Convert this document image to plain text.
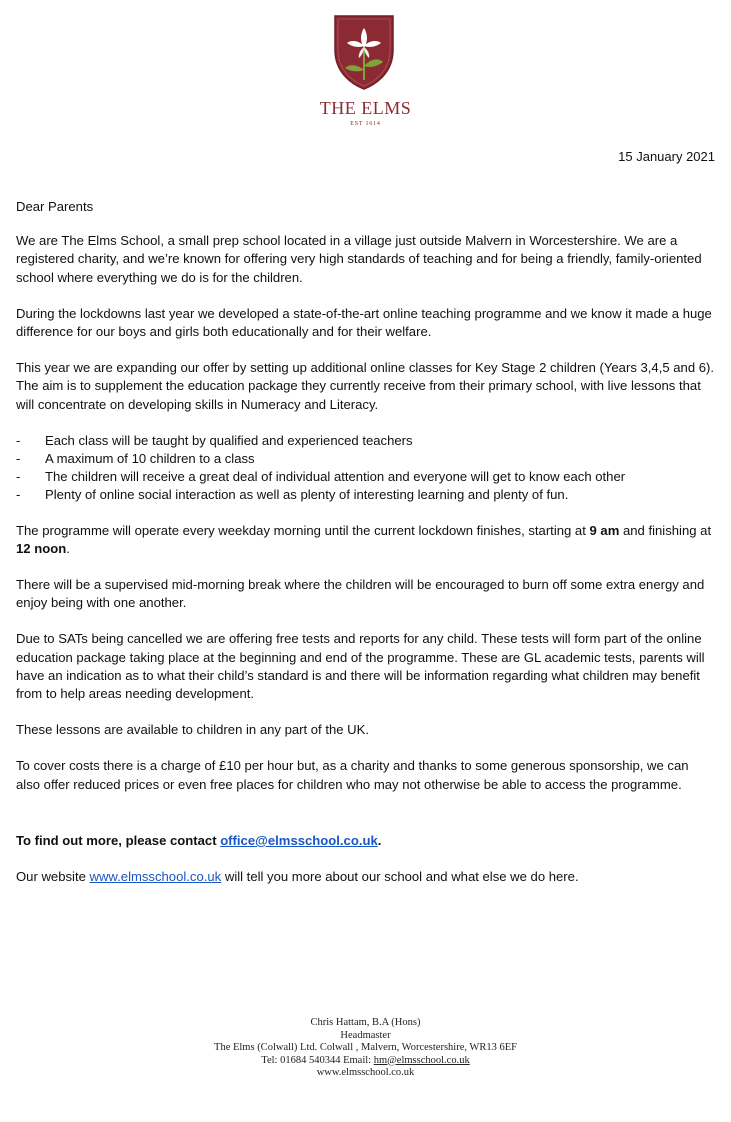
THE ELMS
EST 1614
15 January 2021

Dear Parents

We are The Elms School, a small prep school located in a village just outside Malvern in Worcestershire. We are a registered charity, and we’re known for offering very high standards of teaching and for being a friendly, family-oriented school where everything we do is for the children.

During the lockdowns last year we developed a state-of-the-art online teaching programme and we know it made a huge difference for our boys and girls both educationally and for their welfare.

This year we are expanding our offer by setting up additional online classes for Key Stage 2 children (Years 3,4,5 and 6). The aim is to supplement the education package they currently receive from their primary school, with live lessons that will concentrate on developing skills in Numeracy and Literacy.

- Each class will be taught by qualified and experienced teachers
- A maximum of 10 children to a class
- The children will receive a great deal of individual attention and everyone will get to know each other
- Plenty of online social interaction as well as plenty of interesting learning and plenty of fun.

The programme will operate every weekday morning until the current lockdown finishes, starting at 9 am and finishing at 12 noon.

There will be a supervised mid-morning break where the children will be encouraged to burn off some extra energy and enjoy being with one another.

Due to SATs being cancelled we are offering free tests and reports for any child. These tests will form part of the online education package taking place at the beginning and end of the programme. These are GL academic tests, parents will have an indication as to what their child’s standard is and there will be information regarding what children may benefit from to help areas needing development.

These lessons are available to children in any part of the UK.

To cover costs there is a charge of £10 per hour but, as a charity and thanks to some generous sponsorship, we can also offer reduced prices or even free places for children who may not otherwise be able to access the programme.

To find out more, please contact office@elmsschool.co.uk.

Our website www.elmsschool.co.uk will tell you more about our school and what else we do here.

Chris Hattam, B.A (Hons)
Headmaster
The Elms (Colwall) Ltd. Colwall , Malvern, Worcestershire, WR13 6EF
Tel: 01684 540344 Email: hm@elmsschool.co.uk
www.elmsschool.co.uk
